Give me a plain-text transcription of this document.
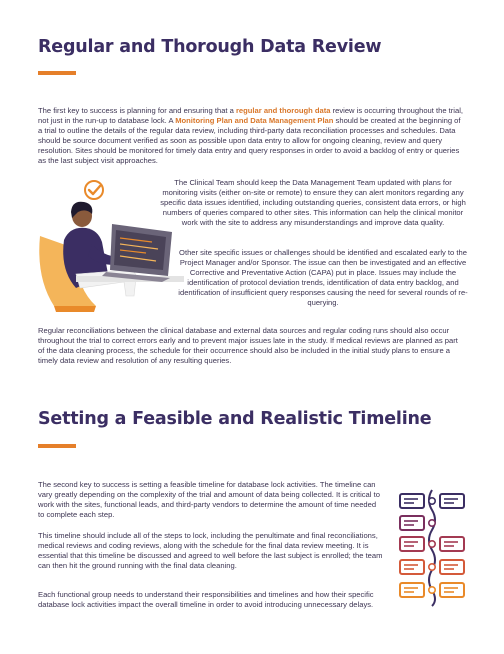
Regular and Thorough Data Review
The first key to success is planning for and ensuring that a regular and thorough data review is occurring throughout the trial, not just in the run-up to database lock. A Monitoring Plan and Data Management Plan should be created at the beginning of a trial to outline the details of the regular data review, including third-party data reconciliation processes and schedules. Data should be source document verified as soon as possible upon data entry to allow for ongoing cleaning, review and query resolution. Sites should be monitored for timely data entry and query responses in order to avoid a backlog of entry or queries as the last subject visit approaches.
The Clinical Team should keep the Data Management Team updated with plans for monitoring visits (either on-site or remote) to ensure they can alert monitors regarding any specific data issues identified, including outstanding queries, consistent data errors, or high numbers of queries compared to other sites. This information can help the clinical monitor work with the site to address any misunderstandings and improve data quality.
Other site specific issues or challenges should be identified and escalated early to the Project Manager and/or Sponsor. The issue can then be investigated and an effective Corrective and Preventative Action (CAPA) put in place. Issues may include the identification of protocol deviation trends, identification of data entry backlog, and identification of insufficient query responses causing the need for several rounds of re-querying.
Regular reconciliations between the clinical database and external data sources and regular coding runs should also occur throughout the trial to correct errors early and to prevent major issues late in the study. If medical reviews are planned as part of the data cleaning process, the schedule for their occurrence should also be included in the initial study plans to ensure a timely data review and resolution of any resulting queries.
Setting a Feasible and Realistic Timeline
The second key to success is setting a feasible timeline for database lock activities. The timeline can vary greatly depending on the complexity of the trial and amount of data being collected. It is critical to work with the sites, functional leads, and third-party vendors to determine the amount of time needed to complete each step.
This timeline should include all of the steps to lock, including the penultimate and final reconciliations, medical reviews and coding reviews, along with the schedule for the final data review meeting. It is essential that this timeline be discussed and agreed to well before the last subject is enrolled; the team can then hit the ground running with the final data cleaning.
Each functional group needs to understand their responsibilities and timelines and how their specific database lock activities impact the overall timeline in order to avoid introducing unnecessary delays.
